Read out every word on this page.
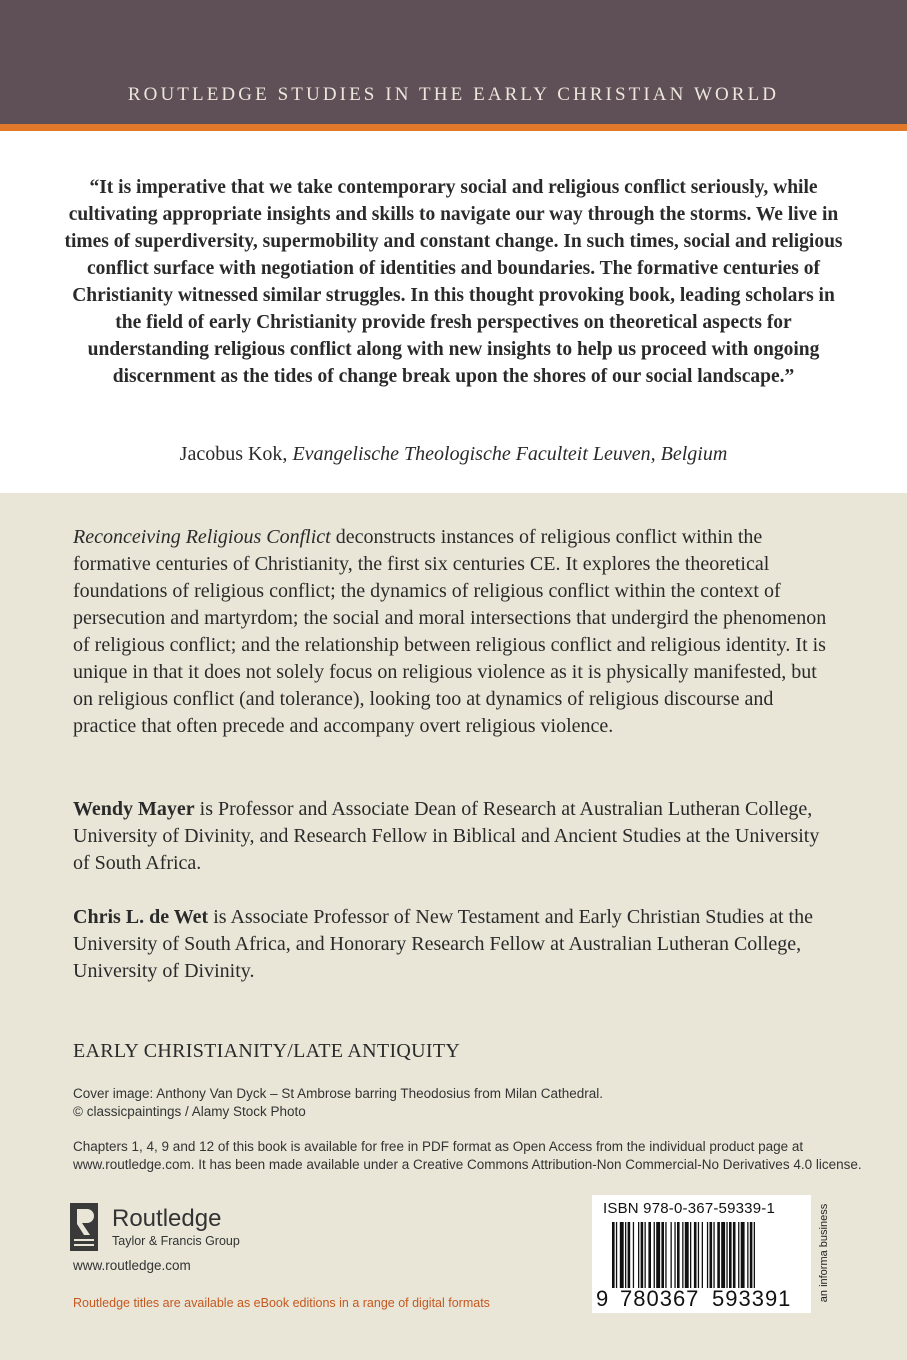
ROUTLEDGE STUDIES IN THE EARLY CHRISTIAN WORLD
“It is imperative that we take contemporary social and religious conflict seriously, while cultivating appropriate insights and skills to navigate our way through the storms. We live in times of superdiversity, supermobility and constant change. In such times, social and religious conflict surface with negotiation of identities and boundaries. The formative centuries of Christianity witnessed similar struggles. In this thought provoking book, leading scholars in the field of early Christianity provide fresh perspectives on theoretical aspects for understanding religious conflict along with new insights to help us proceed with ongoing discernment as the tides of change break upon the shores of our social landscape.”
Jacobus Kok, Evangelische Theologische Faculteit Leuven, Belgium
Reconceiving Religious Conflict deconstructs instances of religious conflict within the formative centuries of Christianity, the first six centuries CE. It explores the theoretical foundations of religious conflict; the dynamics of religious conflict within the context of persecution and martyrdom; the social and moral intersections that undergird the phenomenon of religious conflict; and the relationship between religious conflict and religious identity. It is unique in that it does not solely focus on religious violence as it is physically manifested, but on religious conflict (and tolerance), looking too at dynamics of religious discourse and practice that often precede and accompany overt religious violence.
Wendy Mayer is Professor and Associate Dean of Research at Australian Lutheran College, University of Divinity, and Research Fellow in Biblical and Ancient Studies at the University of South Africa.
Chris L. de Wet is Associate Professor of New Testament and Early Christian Studies at the University of South Africa, and Honorary Research Fellow at Australian Lutheran College, University of Divinity.
EARLY CHRISTIANITY/LATE ANTIQUITY
Cover image: Anthony Van Dyck – St Ambrose barring Theodosius from Milan Cathedral.
© classicpaintings / Alamy Stock Photo
Chapters 1, 4, 9 and 12 of this book is available for free in PDF format as Open Access from the individual product page at www.routledge.com. It has been made available under a Creative Commons Attribution-Non Commercial-No Derivatives 4.0 license.
Routledge
Taylor & Francis Group
www.routledge.com
Routledge titles are available as eBook editions in a range of digital formats
ISBN 978-0-367-59339-1
9 780367 593391 an informa business
